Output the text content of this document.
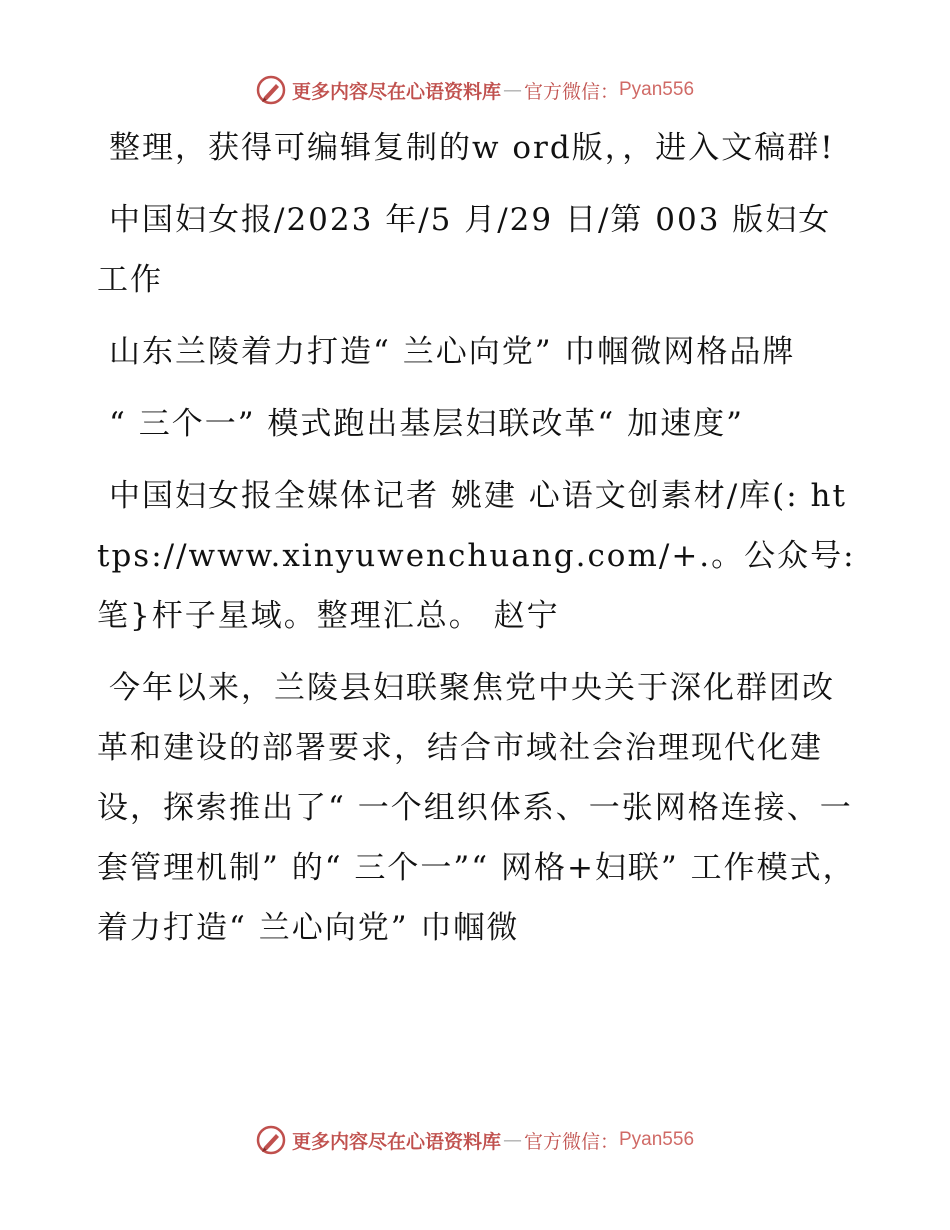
更多内容尽在心语资料库 — 官方微信： Pyan556

整理，获得可编辑复制的w ord版，，进入文稿群!

中国妇女报/2023 年/5 月/29 日/第 003 版妇女工作

山东兰陵着力打造“ 兰心向党” 巾帼微网格品牌

“ 三个一” 模式跑出基层妇联改革“ 加速度”

中国妇女报全媒体记者 姚建 心语文创素材/库(: https://www.xinyuwenchuang.com/+.。公众号: 笔}杆子星域。整理汇总。 赵宁

今年以来，兰陵县妇联聚焦党中央关于深化群团改革和建设的部署要求，结合市域社会治理现代化建设，探索推出了“ 一个组织体系、一张网格连接、一套管理机制” 的“ 三个一”“ 网格+妇联” 工作模式，着力打造“ 兰心向党” 巾帼微

更多内容尽在心语资料库 — 官方微信： Pyan556
